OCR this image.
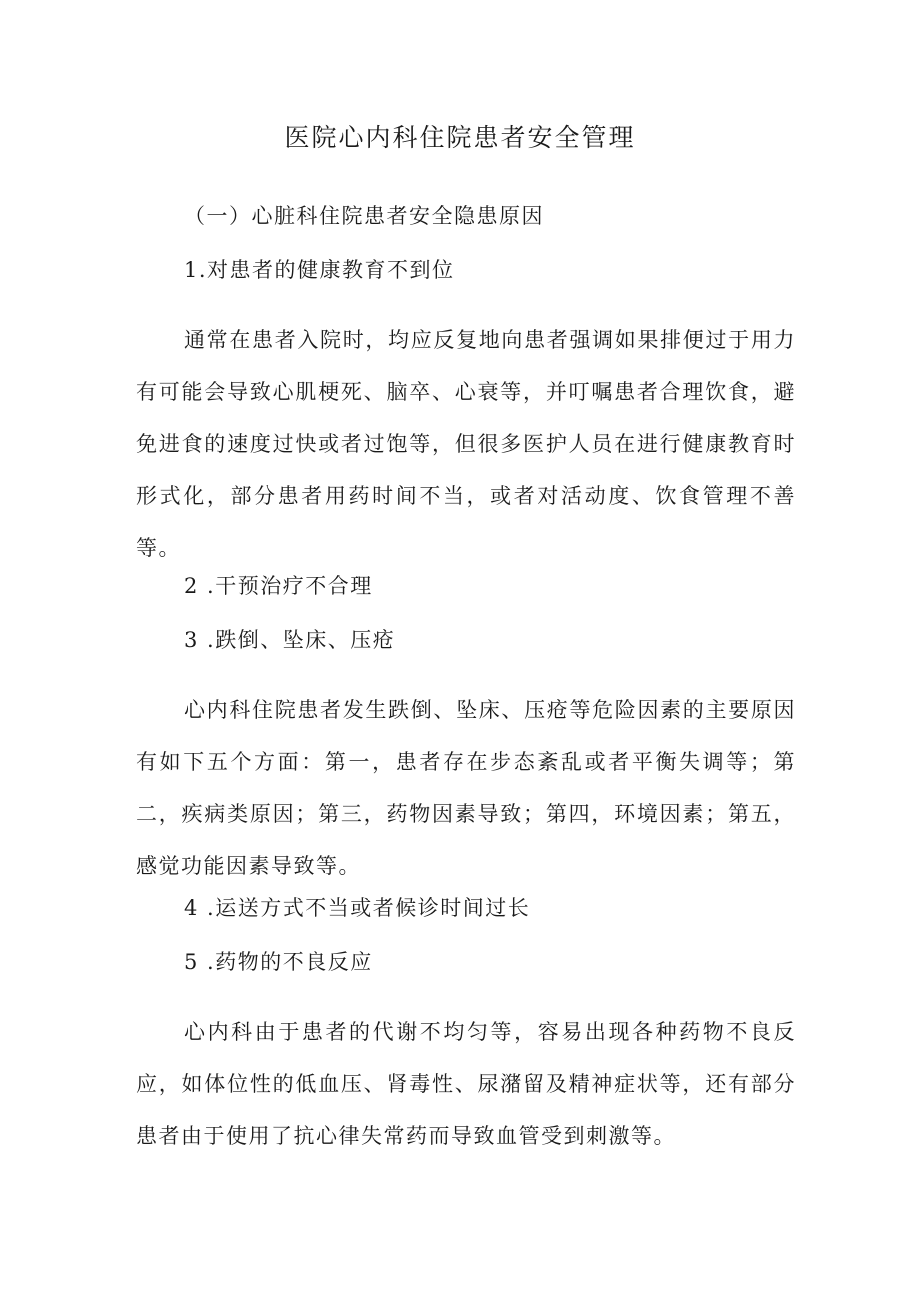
医院心内科住院患者安全管理

（一）心脏科住院患者安全隐患原因

1.对患者的健康教育不到位

通常在患者入院时，均应反复地向患者强调如果排便过于用力有可能会导致心肌梗死、脑卒、心衰等，并叮嘱患者合理饮食，避免进食的速度过快或者过饱等，但很多医护人员在进行健康教育时形式化，部分患者用药时间不当，或者对活动度、饮食管理不善等。

2 .干预治疗不合理

3 .跌倒、坠床、压疮

心内科住院患者发生跌倒、坠床、压疮等危险因素的主要原因有如下五个方面：第一，患者存在步态紊乱或者平衡失调等；第二，疾病类原因；第三，药物因素导致；第四，环境因素；第五，感觉功能因素导致等。

4 .运送方式不当或者候诊时间过长

5 .药物的不良反应

心内科由于患者的代谢不均匀等，容易出现各种药物不良反应，如体位性的低血压、肾毒性、尿潴留及精神症状等，还有部分患者由于使用了抗心律失常药而导致血管受到刺激等。
